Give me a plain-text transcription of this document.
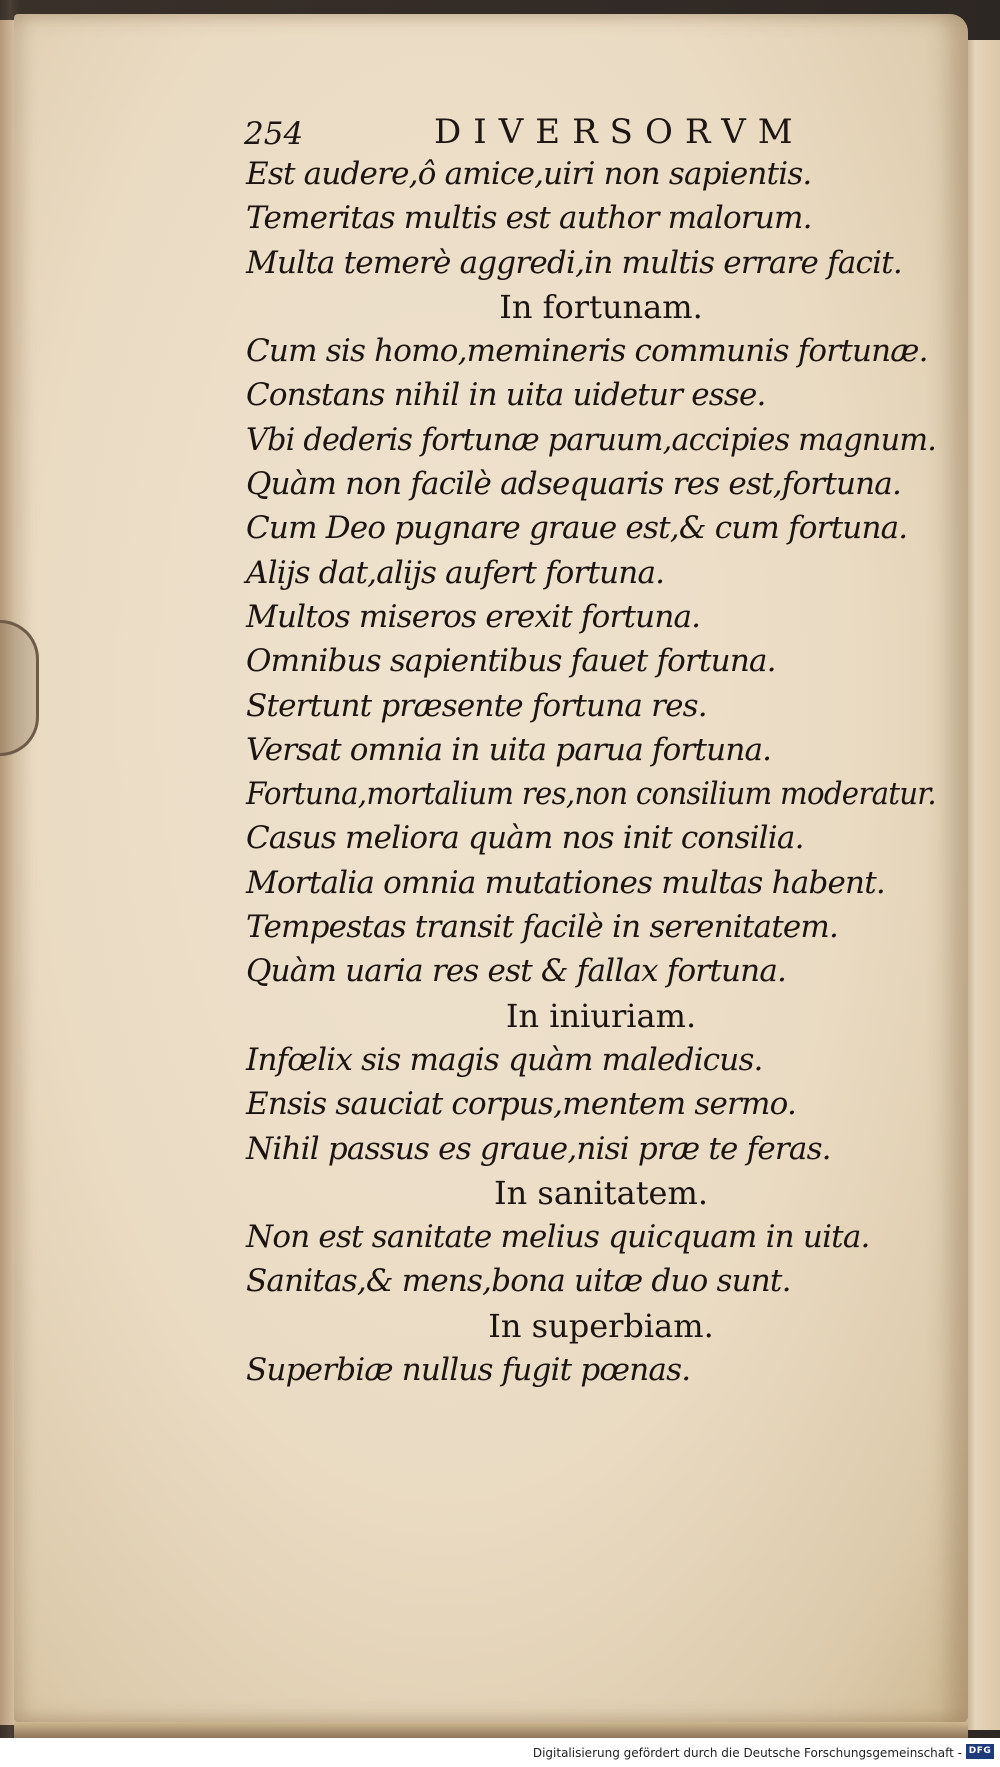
254	DIVERSORVM
Est audere,ô amice,uiri non sapientis.
Temeritas multis est author malorum.
Multa temerè aggredi,in multis errare facit.
In fortunam.
Cum sis homo,memineris communis fortunæ.
Constans nihil in uita uidetur esse.
Vbi dederis fortunæ paruum,accipies magnum.
Quàm non facilè adsequaris res est,fortuna.
Cum Deo pugnare graue est,& cum fortuna.
Alijs dat,alijs aufert fortuna.
Multos miseros erexit fortuna.
Omnibus sapientibus fauet fortuna.
Stertunt præsente fortuna res.
Versat omnia in uita parua fortuna.
Fortuna,mortalium res,non consilium moderatur.
Casus meliora quàm nos init consilia.
Mortalia omnia mutationes multas habent.
Tempestas transit facilè in serenitatem.
Quàm uaria res est & fallax fortuna.
In iniuriam.
Infœlix sis magis quàm maledicus.
Ensis sauciat corpus,mentem sermo.
Nihil passus es graue,nisi præ te feras.
In sanitatem.
Non est sanitate melius quicquam in uita.
Sanitas,& mens,bona uitæ duo sunt.
In superbiam.
Superbiæ nullus fugit pœnas.
Digitalisierung gefördert durch die Deutsche Forschungsgemeinschaft - DFG
